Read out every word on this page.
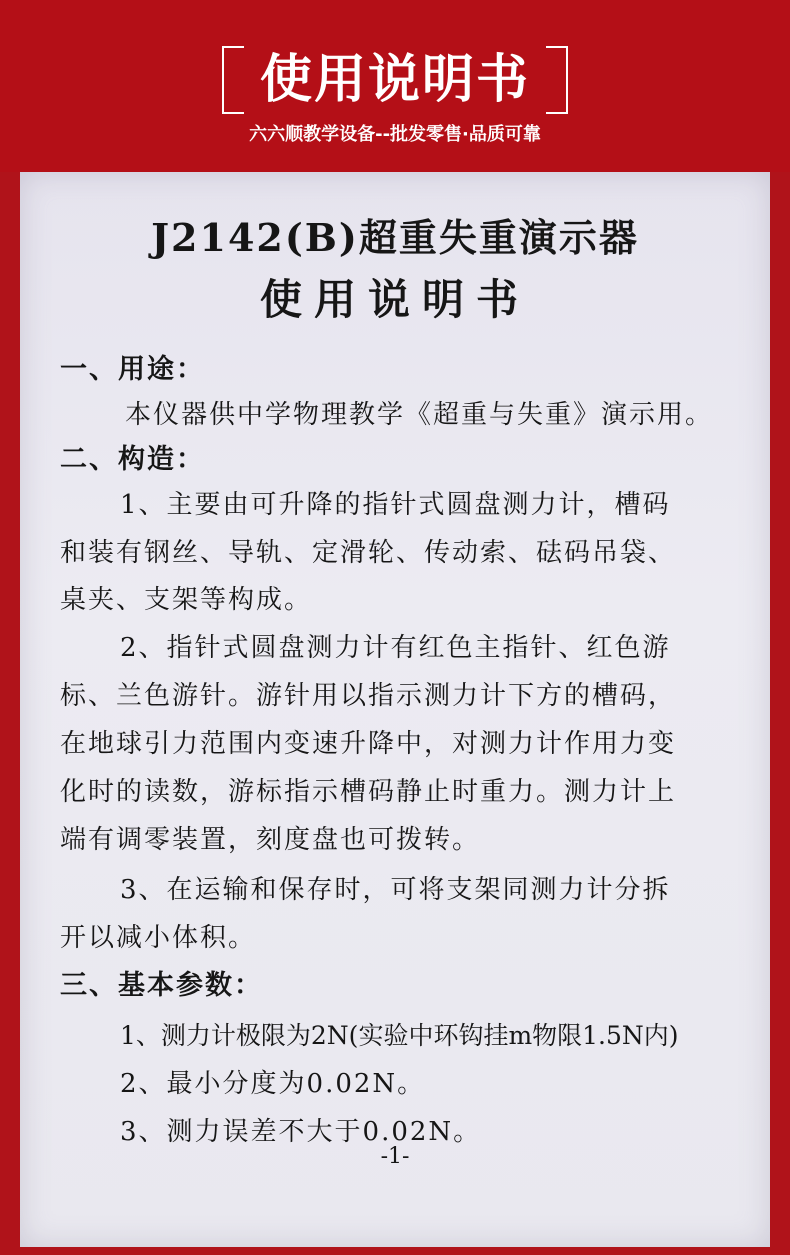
使用说明书
六六顺教学设备--批发零售·品质可靠
J2142(B)超重失重演示器
使用说明书
一、用途：
本仪器供中学物理教学《超重与失重》演示用。
二、构造：
1、主要由可升降的指针式圆盘测力计，槽码
和装有钢丝、导轨、定滑轮、传动索、砝码吊袋、
桌夹、支架等构成。
2、指针式圆盘测力计有红色主指针、红色游
标、兰色游针。游针用以指示测力计下方的槽码，
在地球引力范围内变速升降中，对测力计作用力变
化时的读数，游标指示槽码静止时重力。测力计上
端有调零装置，刻度盘也可拨转。
3、在运输和保存时，可将支架同测力计分拆
开以减小体积。
三、基本参数：
1、测力计极限为2N(实验中环钩挂m物限1.5N内)
2、最小分度为0.02N。
3、测力误差不大于0.02N。
-1-
